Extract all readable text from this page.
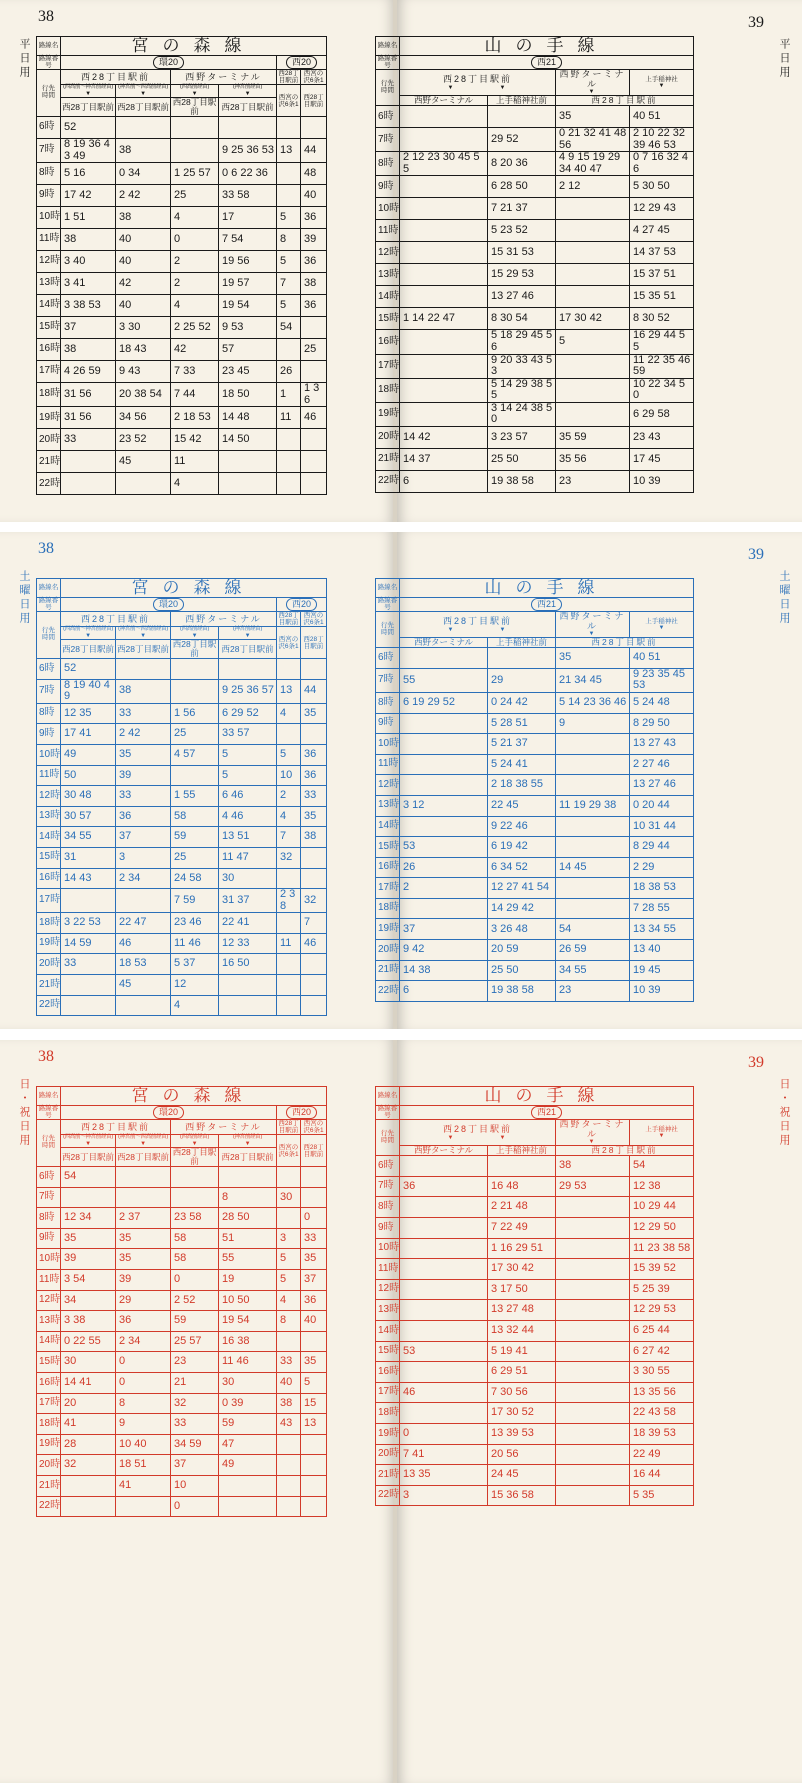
38
平日用 路線名	宮の森線					
路線番号	環20				西20	
行先
時間	西28丁目駅前		西野ターミナル		西28丁目駅前	西宮の沢6条1
	(西高前〜神宮前経由)
▼	(神宮前〜西高前経由)
▼	(西高前経由)
▼	(神宮前経由)
▼	西宮の沢6条1	西28丁目駅前
	西28丁目駅前	西28丁目駅前	西28丁目駅前	西28丁目駅前		
6時	52					
7時	8 19 36 43 49	38		9 25 36 53	13	44
8時	5 16	0 34	1 25 57	0 6 22 36		48
9時	17 42	2 42	25	33 58		40
10時	1 51	38	4	17	5	36
11時	38	40	0	7 54	8	39
12時	3 40	40	2	19 56	5	36
13時	3 41	42	2	19 57	7	38
14時	3 38 53	40	4	19 54	5	36
15時	37	3 30	2 25 52	9 53	54	
16時	38	18 43	42	57		25
17時	4 26 59	9 43	7 33	23 45	26	
18時	31 56	20 38 54	7 44	18 50	1	1 36
19時	31 56	34 56	2 18 53	14 48	11	46
20時	33	23 52	15 42	14 50		
21時		45	11			
22時			4			
39
平日用
路線名	山の手線			
路線番号	西21			
行先
時間	西28丁目駅前
▼            ▼		西野ターミナル
▼	上手稲神社
▼

	西野ターミナル	上手稲神社前	西28丁目駅前	
6時			35	40 51
7時		29 52	0 21 32 41 48 56	2 10 22 32 39 46 53
8時	2 12 23 30 45 55	8 20 36	4 9 15 19 29 34 40 47	0 7 16 32 46
9時		6 28 50	2 12	5 30 50
10時		7 21 37		12 29 43
11時		5 23 52		4 27 45
12時		15 31 53		14 37 53
13時		15 29 53		15 37 51
14時		13 27 46		15 35 51
15時	1 14 22 47	8 30 54	17 30 42	8 30 52
16時		5 18 29 45 56	5	16 29 44 55
17時		9 20 33 43 53		11 22 35 46 59
18時		5 14 29 38 55		10 22 34 50
19時		3 14 24 38 50		6 29 58
20時	14 42	3 23 57	35 59	23 43
21時	14 37	25 50	35 56	17 45
22時	6	19 38 58	23	10 39
38
土曜日用 路線名	宮の森線					
路線番号	環20				西20	
行先
時間	西28丁目駅前		西野ターミナル		西28丁目駅前	西宮の沢6条1
	(西高前〜神宮前経由)
▼	(神宮前〜西高前経由)
▼	(西高前経由)
▼	(神宮前経由)
▼	西宮の沢6条1	西28丁目駅前
	西28丁目駅前	西28丁目駅前	西28丁目駅前	西28丁目駅前		
6時	52					
7時	8 19 40 49	38		9 25 36 57	13	44
8時	12 35	33	1 56	6 29 52	4	35
9時	17 41	2 42	25	33 57		
10時	49	35	4 57	5	5	36
11時	50	39		5	10	36
12時	30 48	33	1 55	6 46	2	33
13時	30 57	36	58	4 46	4	35
14時	34 55	37	59	13 51	7	38
15時	31	3	25	11 47	32	
16時	14 43	2 34	24 58	30		
17時			7 59	31 37	2 38	32
18時	3 22 53	22 47	23 46	22 41		7
19時	14 59	46	11 46	12 33	11	46
20時	33	18 53	5 37	16 50		
21時		45	12			
22時			4			
39
土曜日用
路線名	山の手線			
路線番号	西21			
行先
時間	西28丁目駅前
▼            ▼		西野ターミナル
▼	上手稲神社
▼

	西野ターミナル	上手稲神社前	西28丁目駅前	
6時			35	40 51
7時	55	29	21 34 45	9 23 35 45 53
8時	6 19 29 52	0 24 42	5 14 23 36 46	5 24 48
9時		5 28 51	9	8 29 50
10時		5 21 37		13 27 43
11時		5 24 41		2 27 46
12時		2 18 38 55		13 27 46
13時	3 12	22 45	11 19 29 38	0 20 44
14時		9 22 46		10 31 44
15時	53	6 19 42		8 29 44
16時	26	6 34 52	14 45	2 29
17時	2	12 27 41 54		18 38 53
18時		14 29 42		7 28 55
19時	37	3 26 48	54	13 34 55
20時	9 42	20 59	26 59	13 40
21時	14 38	25 50	34 55	19 45
22時	6	19 38 58	23	10 39
38
日・祝日用 路線名	宮の森線					
路線番号	環20				西20	
行先
時間	西28丁目駅前		西野ターミナル		西28丁目駅前	西宮の沢6条1
	(西高前〜神宮前経由)
▼	(神宮前〜西高前経由)
▼	(西高前経由)
▼	(神宮前経由)
▼	西宮の沢6条1	西28丁目駅前
	西28丁目駅前	西28丁目駅前	西28丁目駅前	西28丁目駅前		
6時	54					
7時				8	30	
8時	12 34	2 37	23 58	28 50		0
9時	35	35	58	51	3	33
10時	39	35	58	55	5	35
11時	3 54	39	0	19	5	37
12時	34	29	2 52	10 50	4	36
13時	3 38	36	59	19 54	8	40
14時	0 22 55	2 34	25 57	16 38		
15時	30	0	23	11 46	33	35
16時	14 41	0	21	30	40	5
17時	20	8	32	0 39	38	15
18時	41	9	33	59	43	13
19時	28	10 40	34 59	47		
20時	32	18 51	37	49		
21時		41	10			
22時			0			
39
日・祝日用
路線名	山の手線			
路線番号	西21			
行先
時間	西28丁目駅前
▼            ▼		西野ターミナル
▼	上手稲神社
▼

	西野ターミナル	上手稲神社前	西28丁目駅前	
6時			38	54
7時	36	16 48	29 53	12 38
8時		2 21 48		10 29 44
9時		7 22 49		12 29 50
10時		1 16 29 51		11 23 38 58
11時		17 30 42		15 39 52
12時		3 17 50		5 25 39
13時		13 27 48		12 29 53
14時		13 32 44		6 25 44
15時	53	5 19 41		6 27 42
16時		6 29 51		3 30 55
17時	46	7 30 56		13 35 56
18時		17 30 52		22 43 58
19時	0	13 39 53		18 39 53
20時	7 41	20 56		22 49
21時	13 35	24 45		16 44
22時	3	15 36 58		5 35
